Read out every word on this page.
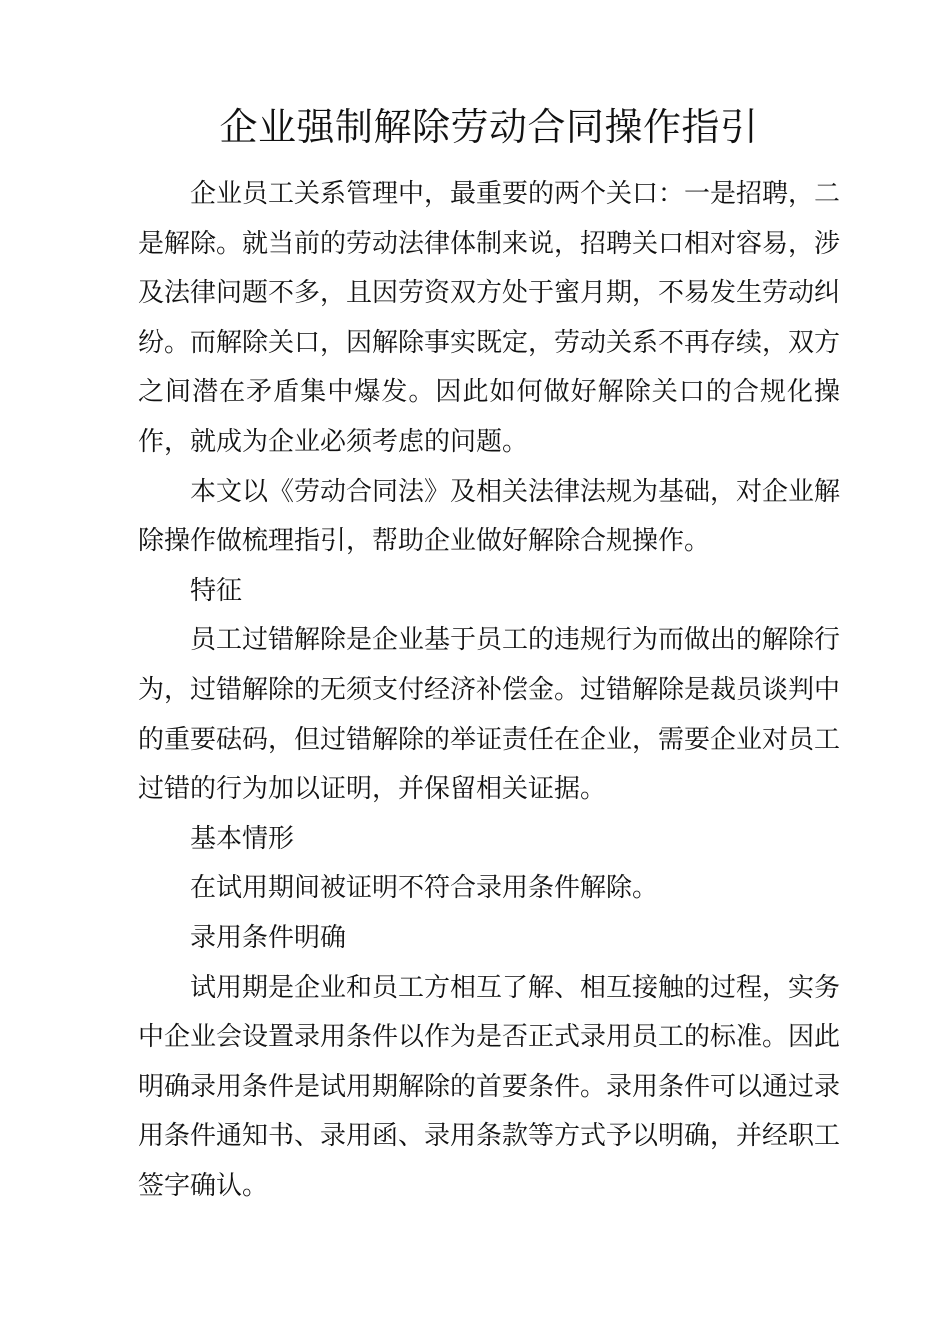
企业强制解除劳动合同操作指引

企业员工关系管理中，最重要的两个关口：一是招聘，二是解除。就当前的劳动法律体制来说，招聘关口相对容易，涉及法律问题不多，且因劳资双方处于蜜月期，不易发生劳动纠纷。而解除关口，因解除事实既定，劳动关系不再存续，双方之间潜在矛盾集中爆发。因此如何做好解除关口的合规化操作，就成为企业必须考虑的问题。

本文以《劳动合同法》及相关法律法规为基础，对企业解除操作做梳理指引，帮助企业做好解除合规操作。

特征

员工过错解除是企业基于员工的违规行为而做出的解除行为，过错解除的无须支付经济补偿金。过错解除是裁员谈判中的重要砝码，但过错解除的举证责任在企业，需要企业对员工过错的行为加以证明，并保留相关证据。

基本情形

在试用期间被证明不符合录用条件解除。

录用条件明确

试用期是企业和员工方相互了解、相互接触的过程，实务中企业会设置录用条件以作为是否正式录用员工的标准。因此明确录用条件是试用期解除的首要条件。录用条件可以通过录用条件通知书、录用函、录用条款等方式予以明确，并经职工签字确认。
